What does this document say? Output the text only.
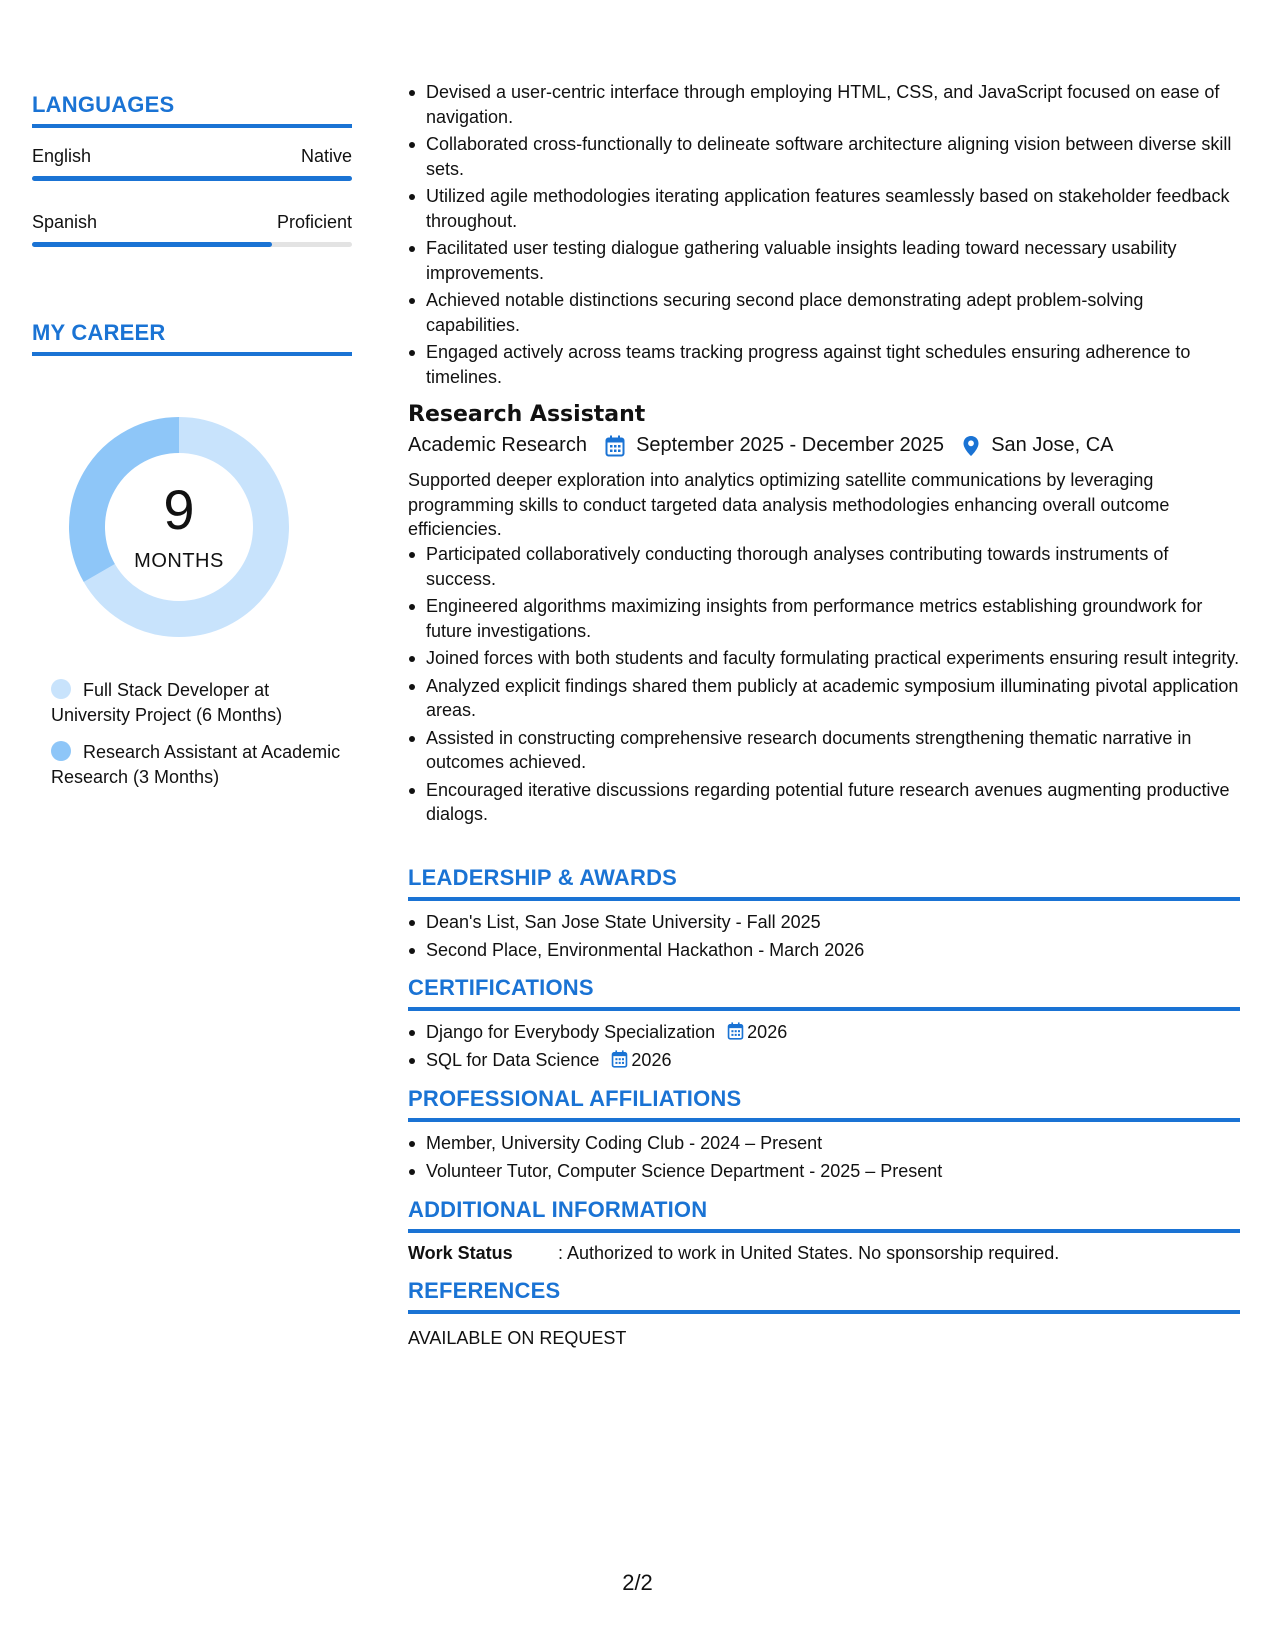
LANGUAGES
English	Native
Spanish	Proficient
MY CAREER
9
MONTHS
Full Stack Developer at University Project (6 Months)
Research Assistant at Academic Research (3 Months)
Devised a user-centric interface through employing HTML, CSS, and JavaScript focused on ease of navigation.
Collaborated cross-functionally to delineate software architecture aligning vision between diverse skill sets.
Utilized agile methodologies iterating application features seamlessly based on stakeholder feedback throughout.
Facilitated user testing dialogue gathering valuable insights leading toward necessary usability improvements.
Achieved notable distinctions securing second place demonstrating adept problem-solving capabilities.
Engaged actively across teams tracking progress against tight schedules ensuring adherence to timelines.
Research Assistant
Academic Research September 2025 - December 2025 San Jose, CA
Supported deeper exploration into analytics optimizing satellite communications by leveraging programming skills to conduct targeted data analysis methodologies enhancing overall outcome efficiencies.
Participated collaboratively conducting thorough analyses contributing towards instruments of success.
Engineered algorithms maximizing insights from performance metrics establishing groundwork for future investigations.
Joined forces with both students and faculty formulating practical experiments ensuring result integrity.
Analyzed explicit findings shared them publicly at academic symposium illuminating pivotal application areas.
Assisted in constructing comprehensive research documents strengthening thematic narrative in outcomes achieved.
Encouraged iterative discussions regarding potential future research avenues augmenting productive dialogs.
LEADERSHIP & AWARDS
Dean's List, San Jose State University - Fall 2025
Second Place, Environmental Hackathon - March 2026
CERTIFICATIONS
Django for Everybody Specialization 2026
SQL for Data Science 2026
PROFESSIONAL AFFILIATIONS
Member, University Coding Club - 2024 – Present
Volunteer Tutor, Computer Science Department - 2025 – Present
ADDITIONAL INFORMATION
Work Status	: Authorized to work in United States. No sponsorship required.
REFERENCES
AVAILABLE ON REQUEST
2/2
